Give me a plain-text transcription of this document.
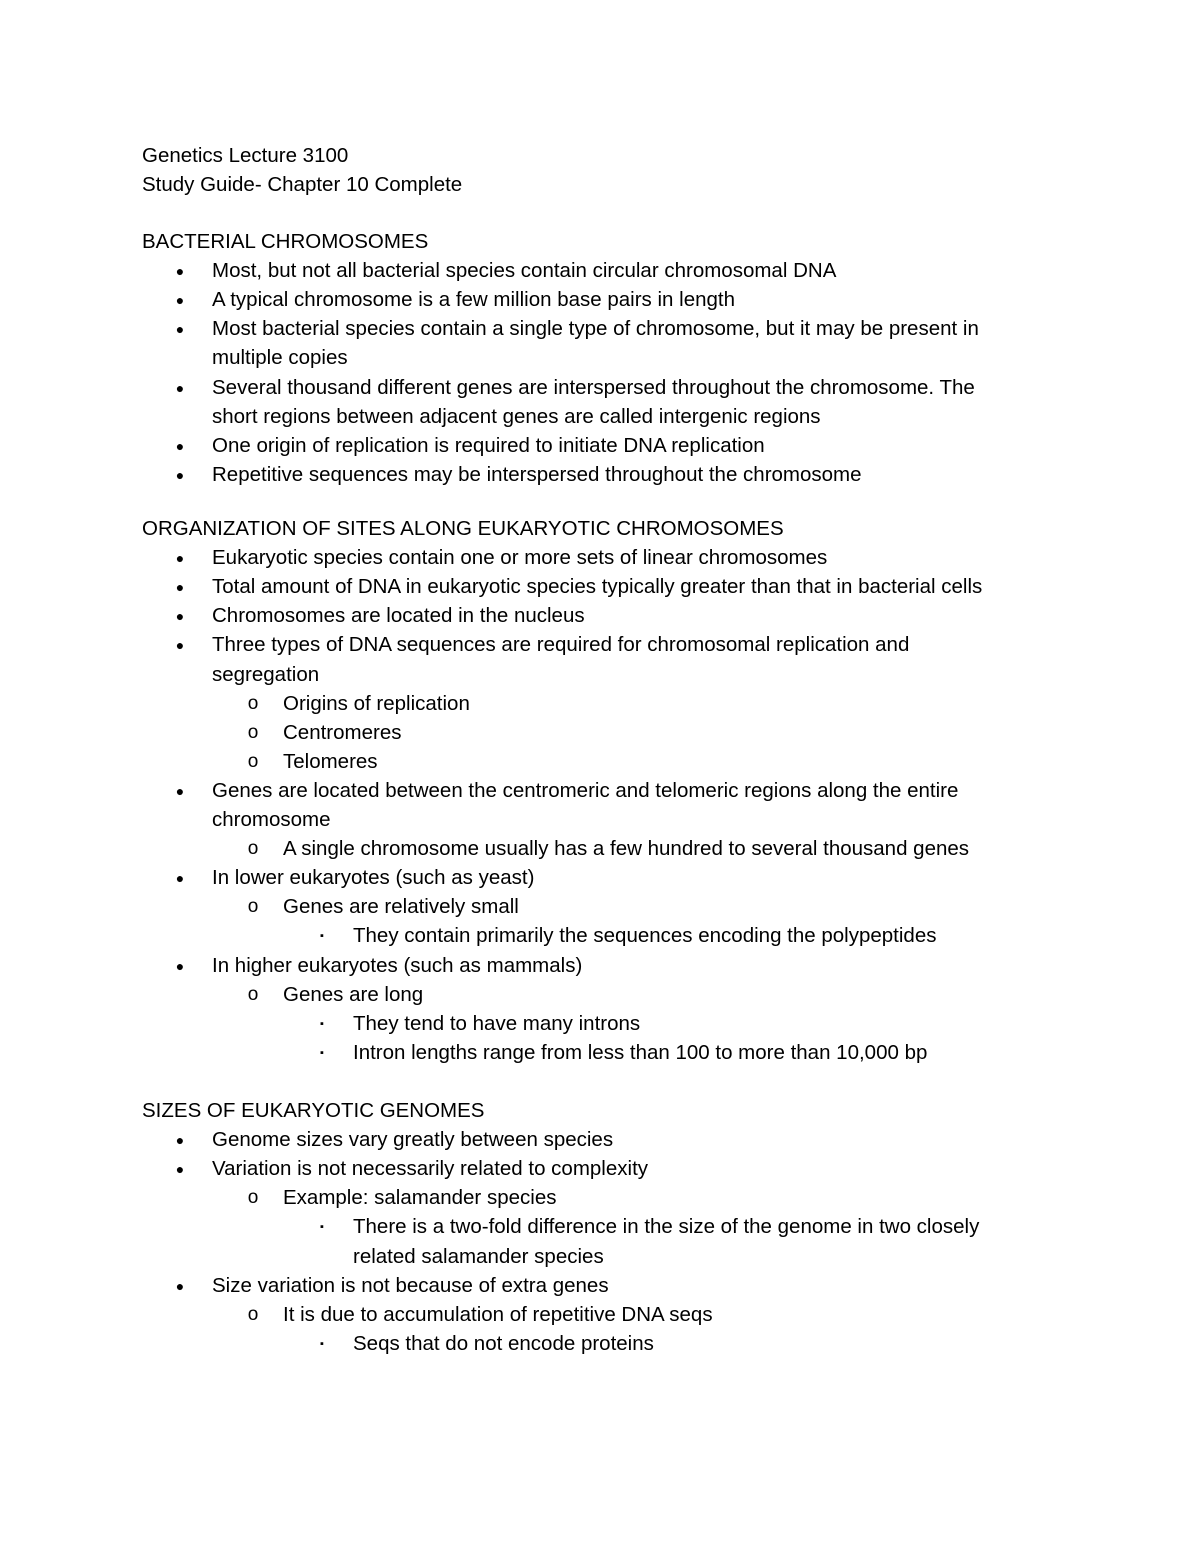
Genetics Lecture 3100
Study Guide- Chapter 10 Complete
BACTERIAL CHROMOSOMES
● Most, but not all bacterial species contain circular chromosomal DNA
● A typical chromosome is a few million base pairs in length
● Most bacterial species contain a single type of chromosome, but it may be present in
multiple copies
● Several thousand different genes are interspersed throughout the chromosome. The
short regions between adjacent genes are called intergenic regions
● One origin of replication is required to initiate DNA replication
● Repetitive sequences may be interspersed throughout the chromosome
ORGANIZATION OF SITES ALONG EUKARYOTIC CHROMOSOMES
● Eukaryotic species contain one or more sets of linear chromosomes
● Total amount of DNA in eukaryotic species typically greater than that in bacterial cells
● Chromosomes are located in the nucleus
● Three types of DNA sequences are required for chromosomal replication and
segregation
o Origins of replication
o Centromeres
o Telomeres
● Genes are located between the centromeric and telomeric regions along the entire
chromosome
o A single chromosome usually has a few hundred to several thousand genes
● In lower eukaryotes (such as yeast)
o Genes are relatively small
▪	They contain primarily the sequences encoding the polypeptides
● In higher eukaryotes (such as mammals)
o Genes are long
▪	They tend to have many introns
▪	Intron lengths range from less than 100 to more than 10,000 bp
SIZES OF EUKARYOTIC GENOMES
● Genome sizes vary greatly between species
● Variation is not necessarily related to complexity
o Example: salamander species
▪	There is a two-fold difference in the size of the genome in two closely
related salamander species
● Size variation is not because of extra genes
o It is due to accumulation of repetitive DNA seqs
▪	Seqs that do not encode proteins
